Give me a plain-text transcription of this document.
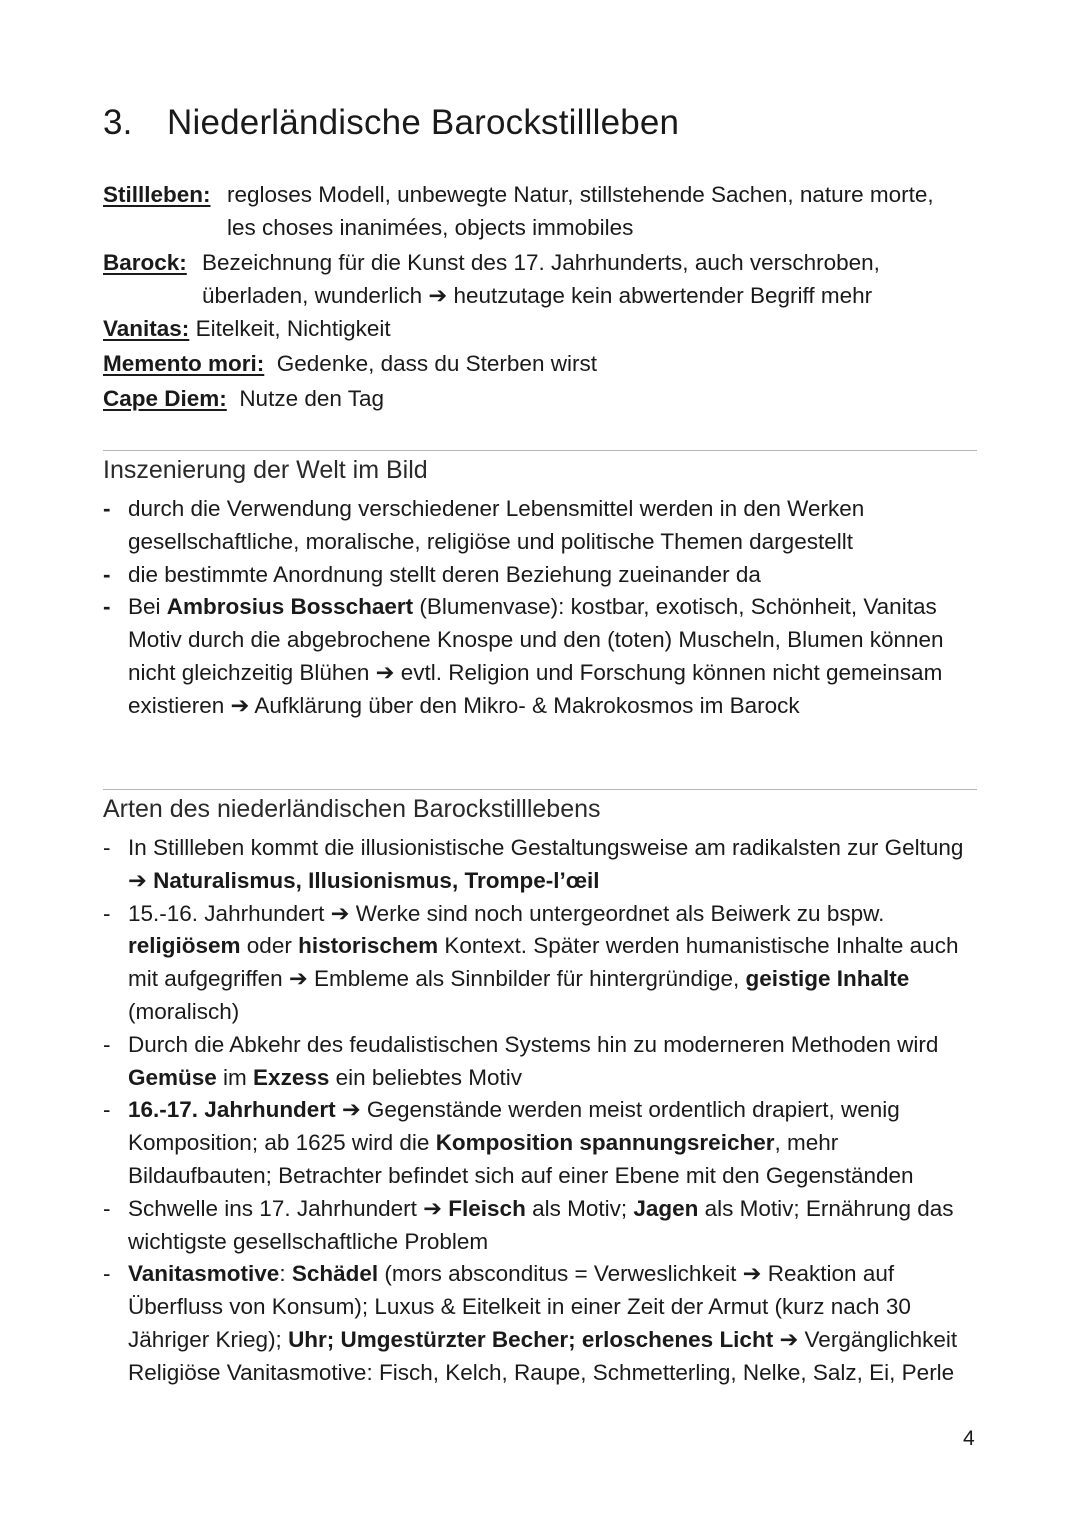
3. Niederländische Barockstillleben
Stillleben: regloses Modell, unbewegte Natur, stillstehende Sachen, nature morte,
les choses inanimées, objects immobiles
Barock: Bezeichnung für die Kunst des 17. Jahrhunderts, auch verschroben,
überladen, wunderlich ➔ heutzutage kein abwertender Begriff mehr
Vanitas: Eitelkeit, Nichtigkeit
Memento mori: Gedenke, dass du Sterben wirst
Cape Diem: Nutze den Tag
Inszenierung der Welt im Bild
- durch die Verwendung verschiedener Lebensmittel werden in den Werken gesellschaftliche, moralische, religiöse und politische Themen dargestellt
- die bestimmte Anordnung stellt deren Beziehung zueinander da
- Bei Ambrosius Bosschaert (Blumenvase): kostbar, exotisch, Schönheit, Vanitas Motiv durch die abgebrochene Knospe und den (toten) Muscheln, Blumen können nicht gleichzeitig Blühen ➔ evtl. Religion und Forschung können nicht gemeinsam existieren ➔ Aufklärung über den Mikro- & Makrokosmos im Barock
Arten des niederländischen Barockstilllebens
- In Stillleben kommt die illusionistische Gestaltungsweise am radikalsten zur Geltung ➔ Naturalismus, Illusionismus, Trompe-l’œil
- 15.-16. Jahrhundert ➔ Werke sind noch untergeordnet als Beiwerk zu bspw. religiösem oder historischem Kontext. Später werden humanistische Inhalte auch mit aufgegriffen ➔ Embleme als Sinnbilder für hintergründige, geistige Inhalte (moralisch)
- Durch die Abkehr des feudalistischen Systems hin zu moderneren Methoden wird Gemüse im Exzess ein beliebtes Motiv
- 16.-17. Jahrhundert ➔ Gegenstände werden meist ordentlich drapiert, wenig Komposition; ab 1625 wird die Komposition spannungsreicher, mehr Bildaufbauten; Betrachter befindet sich auf einer Ebene mit den Gegenständen
- Schwelle ins 17. Jahrhundert ➔ Fleisch als Motiv; Jagen als Motiv; Ernährung das wichtigste gesellschaftliche Problem
- Vanitasmotive: Schädel (mors absconditus = Verweslichkeit ➔ Reaktion auf Überfluss von Konsum); Luxus & Eitelkeit in einer Zeit der Armut (kurz nach 30 Jähriger Krieg); Uhr; Umgestürzter Becher; erloschenes Licht ➔ Vergänglichkeit Religiöse Vanitasmotive: Fisch, Kelch, Raupe, Schmetterling, Nelke, Salz, Ei, Perle
4
